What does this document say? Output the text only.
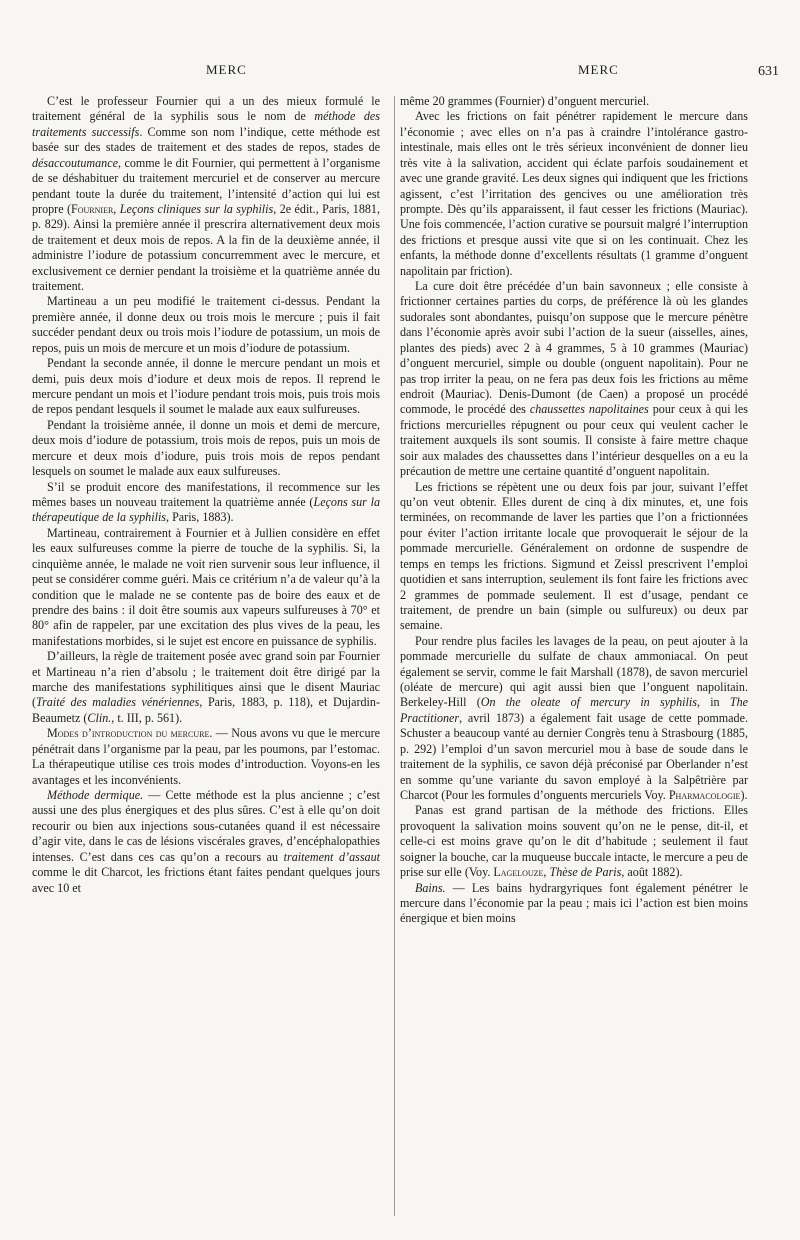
MERC	MERC	631

C’est le professeur Fournier qui a un des mieux formulé le traitement général de la syphilis sous le nom de méthode des traitements successifs. Comme son nom l’indique, cette méthode est basée sur des stades de traitement et des stades de repos, stades de désaccoutumance, comme le dit Fournier, qui permettent à l’organisme de se déshabituer du traitement mercuriel et de conserver au mercure pendant toute la durée du traitement, l’intensité d’action qui lui est propre (Fournier, Leçons cliniques sur la syphilis, 2e édit., Paris, 1881, p. 829). Ainsi la première année il prescrira alternativement deux mois de traitement et deux mois de repos. A la fin de la deuxième année, il administre l’iodure de potassium concurremment avec le mercure, et exclusivement ce dernier pendant la troisième et la quatrième année du traitement.

Martineau a un peu modifié le traitement ci-dessus. Pendant la première année, il donne deux ou trois mois le mercure ; puis il fait succéder pendant deux ou trois mois l’iodure de potassium, un mois de repos, puis un mois de mercure et un mois d’iodure de potassium.

Pendant la seconde année, il donne le mercure pendant un mois et demi, puis deux mois d’iodure et deux mois de repos. Il reprend le mercure pendant un mois et l’iodure pendant trois mois, puis trois mois de repos pendant lesquels il soumet le malade aux eaux sulfureuses.

Pendant la troisième année, il donne un mois et demi de mercure, deux mois d’iodure de potassium, trois mois de repos, puis un mois de mercure et deux mois d’iodure, puis trois mois de repos pendant lesquels on soumet le malade aux eaux sulfureuses.

S’il se produit encore des manifestations, il recommence sur les mêmes bases un nouveau traitement la quatrième année (Leçons sur la thérapeutique de la syphilis, Paris, 1883).

Martineau, contrairement à Fournier et à Jullien considère en effet les eaux sulfureuses comme la pierre de touche de la syphilis. Si, la cinquième année, le malade ne voit rien survenir sous leur influence, il peut se considérer comme guéri. Mais ce critérium n’a de valeur qu’à la condition que le malade ne se contente pas de boire des eaux et de prendre des bains : il doit être soumis aux vapeurs sulfureuses à 70° et 80° afin de rappeler, par une excitation des plus vives de la peau, les manifestations morbides, si le sujet est encore en puissance de syphilis.

D’ailleurs, la règle de traitement posée avec grand soin par Fournier et Martineau n’a rien d’absolu ; le traitement doit être dirigé par la marche des manifestations syphilitiques ainsi que le disent Mauriac (Traité des maladies vénériennes, Paris, 1883, p. 118), et Dujardin-Beaumetz (Clin., t. III, p. 561).

Modes d’introduction du mercure. — Nous avons vu que le mercure pénétrait dans l’organisme par la peau, par les poumons, par l’estomac. La thérapeutique utilise ces trois modes d’introduction. Voyons-en les avantages et les inconvénients.

Méthode dermique. — Cette méthode est la plus ancienne ; c’est aussi une des plus énergiques et des plus sûres. C’est à elle qu’on doit recourir ou bien aux injections sous-cutanées quand il est nécessaire d’agir vite, dans le cas de lésions viscérales graves, d’encéphalopathies intenses. C’est dans ces cas qu’on a recours au traitement d’assaut comme le dit Charcot, les frictions étant faites pendant quelques jours avec 10 et

même 20 grammes (Fournier) d’onguent mercuriel.

Avec les frictions on fait pénétrer rapidement le mercure dans l’économie ; avec elles on n’a pas à craindre l’intolérance gastro-intestinale, mais elles ont le très sérieux inconvénient de donner lieu très vite à la salivation, accident qui éclate parfois soudainement et avec une grande gravité. Les deux signes qui indiquent que les frictions agissent, c’est l’irritation des gencives ou une amélioration très prompte. Dès qu’ils apparaissent, il faut cesser les frictions (Mauriac). Une fois commencée, l’action curative se poursuit malgré l’interruption des frictions et presque aussi vite que si on les continuait. Chez les enfants, la méthode donne d’excellents résultats (1 gramme d’onguent napolitain par friction).

La cure doit être précédée d’un bain savonneux ; elle consiste à frictionner certaines parties du corps, de préférence là où les glandes sudorales sont abondantes, puisqu’on suppose que le mercure pénètre dans l’économie après avoir subi l’action de la sueur (aisselles, aines, plantes des pieds) avec 2 à 4 grammes, 5 à 10 grammes (Mauriac) d’onguent mercuriel, simple ou double (onguent napolitain). Pour ne pas trop irriter la peau, on ne fera pas deux fois les frictions au même endroit (Mauriac). Denis-Dumont (de Caen) a proposé un procédé commode, le procédé des chaussettes napolitaines pour ceux à qui les frictions mercurielles répugnent ou pour ceux qui veulent cacher le traitement auxquels ils sont soumis. Il consiste à faire mettre chaque soir aux malades des chaussettes dans l’intérieur desquelles on a eu la précaution de mettre une certaine quantité d’onguent napolitain.

Les frictions se répètent une ou deux fois par jour, suivant l’effet qu’on veut obtenir. Elles durent de cinq à dix minutes, et, une fois terminées, on recommande de laver les parties que l’on a frictionnées pour éviter l’action irritante locale que provoquerait le séjour de la pommade mercurielle. Généralement on ordonne de suspendre de temps en temps les frictions. Sigmund et Zeissl prescrivent l’emploi quotidien et sans interruption, seulement ils font faire les frictions avec 2 grammes de pommade seulement. Il est d’usage, pendant ce traitement, de prendre un bain (simple ou sulfureux) ou deux par semaine.

Pour rendre plus faciles les lavages de la peau, on peut ajouter à la pommade mercurielle du sulfate de chaux ammoniacal. On peut également se servir, comme le fait Marshall (1878), de savon mercuriel (oléate de mercure) qui agit aussi bien que l’onguent napolitain. Berkeley-Hill (On the oleate of mercury in syphilis, in The Practitioner, avril 1873) a également fait usage de cette pommade. Schuster a beaucoup vanté au dernier Congrès tenu à Strasbourg (1885, p. 292) l’emploi d’un savon mercuriel mou à base de soude dans le traitement de la syphilis, ce savon déjà préconisé par Oberlander n’est en somme qu’une variante du savon employé à la Salpêtrière par Charcot (Pour les formules d’onguents mercuriels Voy. Pharmacologie).

Panas est grand partisan de la méthode des frictions. Elles provoquent la salivation moins souvent qu’on ne le pense, dit-il, et celle-ci est moins grave qu’on le dit d’habitude ; seulement il faut soigner la bouche, car la muqueuse buccale intacte, le mercure a peu de prise sur elle (Voy. Lagelouze, Thèse de Paris, août 1882).

Bains. — Les bains hydrargyriques font également pénétrer le mercure dans l’économie par la peau ; mais ici l’action est bien moins énergique et bien moins
